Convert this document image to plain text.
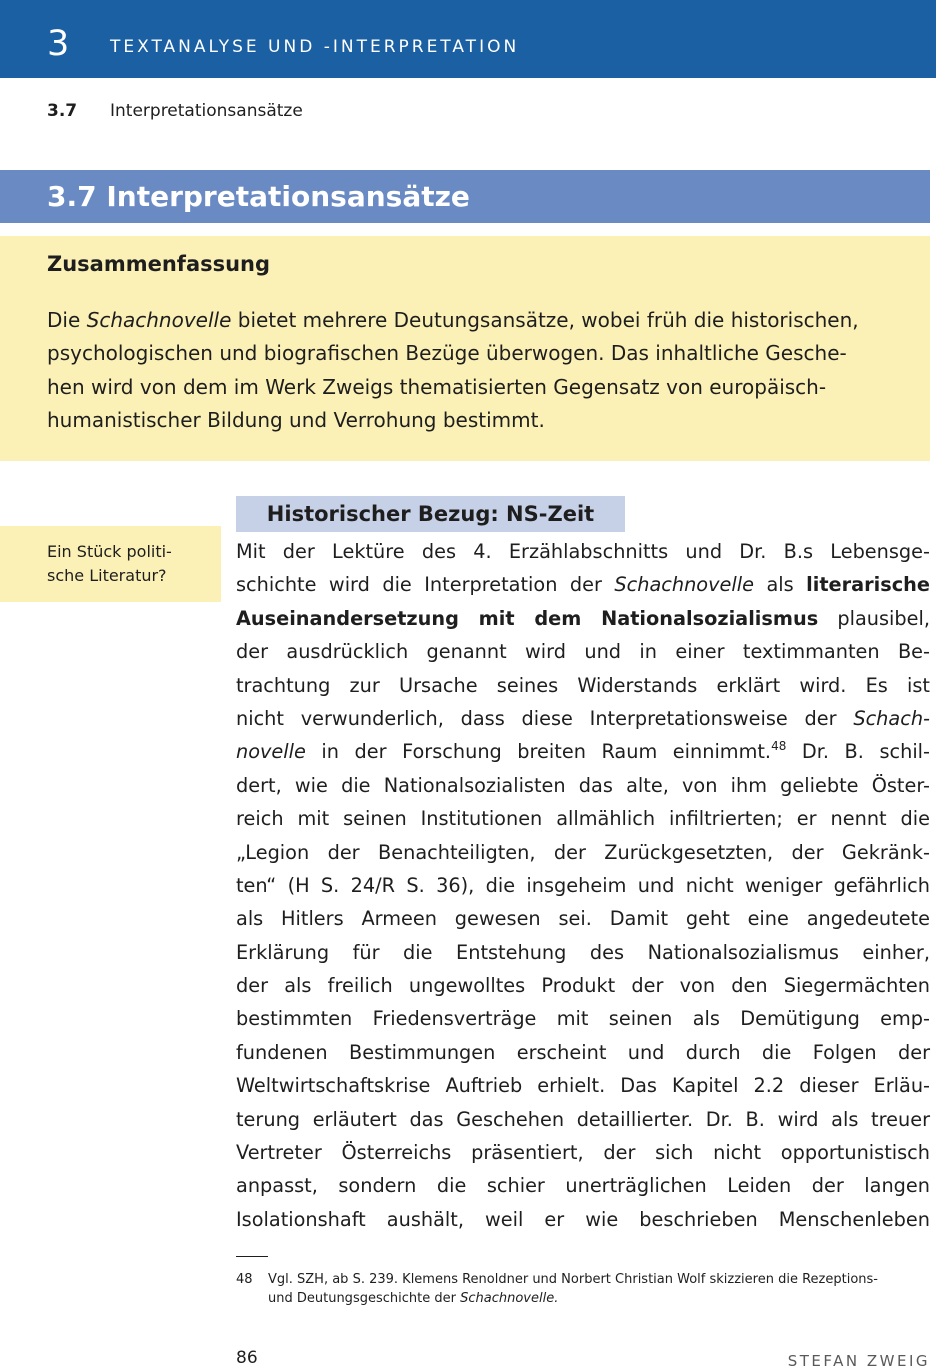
3 TEXTANALYSE UND -INTERPRETATION
3.7 Interpretationsansätze
3.7 Interpretationsansätze
Zusammenfassung
Die Schachnovelle bietet mehrere Deutungsansätze, wobei früh die historischen,
psychologischen und biografischen Bezüge überwogen. Das inhaltliche Gesche-
hen wird von dem im Werk Zweigs thematisierten Gegensatz von europäisch-
humanistischer Bildung und Verrohung bestimmt.
Historischer Bezug: NS-Zeit
Ein Stück politi-
sche Literatur?
Mit der Lektüre des 4. Erzählabschnitts und Dr. B.s Lebensge-
schichte wird die Interpretation der Schachnovelle als literarische
Auseinandersetzung mit dem Nationalsozialismus plausibel,
der ausdrücklich genannt wird und in einer textimmanten Be-
trachtung zur Ursache seines Widerstands erklärt wird. Es ist
nicht verwunderlich, dass diese Interpretationsweise der Schach-
novelle in der Forschung breiten Raum einnimmt.$^{48}$ Dr. B. schil-
dert, wie die Nationalsozialisten das alte, von ihm geliebte Öster-
reich mit seinen Institutionen allmählich infiltrierten; er nennt die
„Legion der Benachteiligten, der Zurückgesetzten, der Gekränk-
ten“ (H S. 24/R S. 36), die insgeheim und nicht weniger gefährlich
als Hitlers Armeen gewesen sei. Damit geht eine angedeutete
Erklärung für die Entstehung des Nationalsozialismus einher,
der als freilich ungewolltes Produkt der von den Siegermächten
bestimmten Friedensverträge mit seinen als Demütigung emp-
fundenen Bestimmungen erscheint und durch die Folgen der
Weltwirtschaftskrise Auftrieb erhielt. Das Kapitel 2.2 dieser Erläu-
terung erläutert das Geschehen detaillierter. Dr. B. wird als treuer
Vertreter Österreichs präsentiert, der sich nicht opportunistisch
anpasst, sondern die schier unerträglichen Leiden der langen
Isolationshaft aushält, weil er wie beschrieben Menschenleben
48 Vgl. SZH, ab S. 239. Klemens Renoldner und Norbert Christian Wolf skizzieren die Rezeptions-
und Deutungsgeschichte der Schachnovelle.
86	STEFAN ZWEIG
